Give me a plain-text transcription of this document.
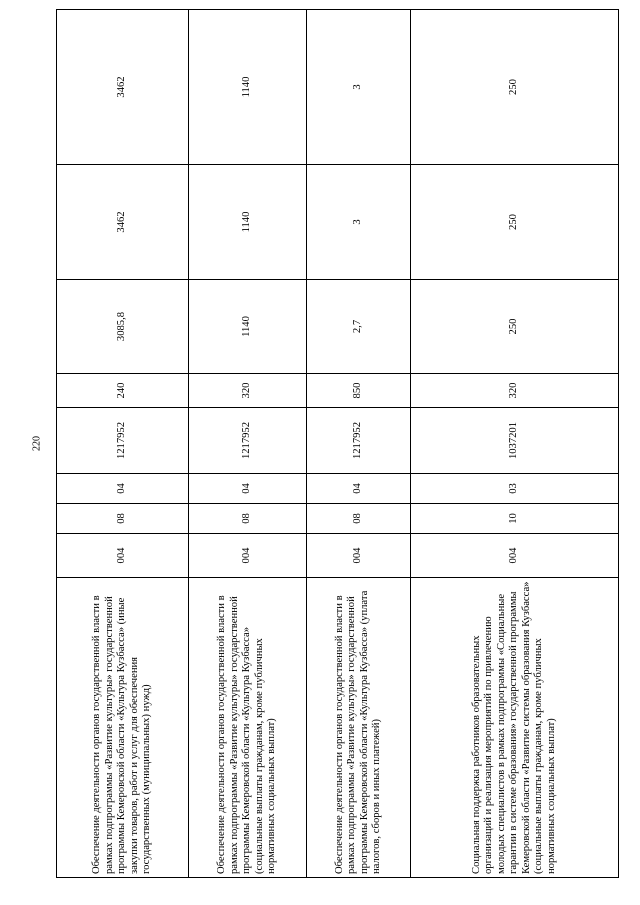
220
Обеспечение деятельности органов государственной власти в рамках подпрограммы «Развитие культуры» государственной программы Кемеровской области «Культура Кузбасса» (иные закупки товаров, работ и услуг для обеспечения государственных (муниципальных) нужд)	004	08	04	1217952	240	3085,8	3462	3462
Обеспечение деятельности органов государственной власти в рамках подпрограммы «Развитие культуры» государственной программы Кемеровской области «Культура Кузбасса» (социальные выплаты гражданам, кроме публичных нормативных социальных выплат)	004	08	04	1217952	320	1140	1140	1140
Обеспечение деятельности органов государственной власти в рамках подпрограммы «Развитие культуры» государственной программы Кемеровской области «Культура Кузбасса» (уплата налогов, сборов и иных платежей)	004	08	04	1217952	850	2,7	3	3
Социальная поддержка работников образовательных организаций и реализация мероприятий по привлечению молодых специалистов в рамках подпрограммы «Социальные гарантии в системе образования» государственной программы Кемеровской области «Развитие системы образования Кузбасса» (социальные выплаты гражданам, кроме публичных нормативных социальных выплат)	004	10	03	1037201	320	250	250	250
